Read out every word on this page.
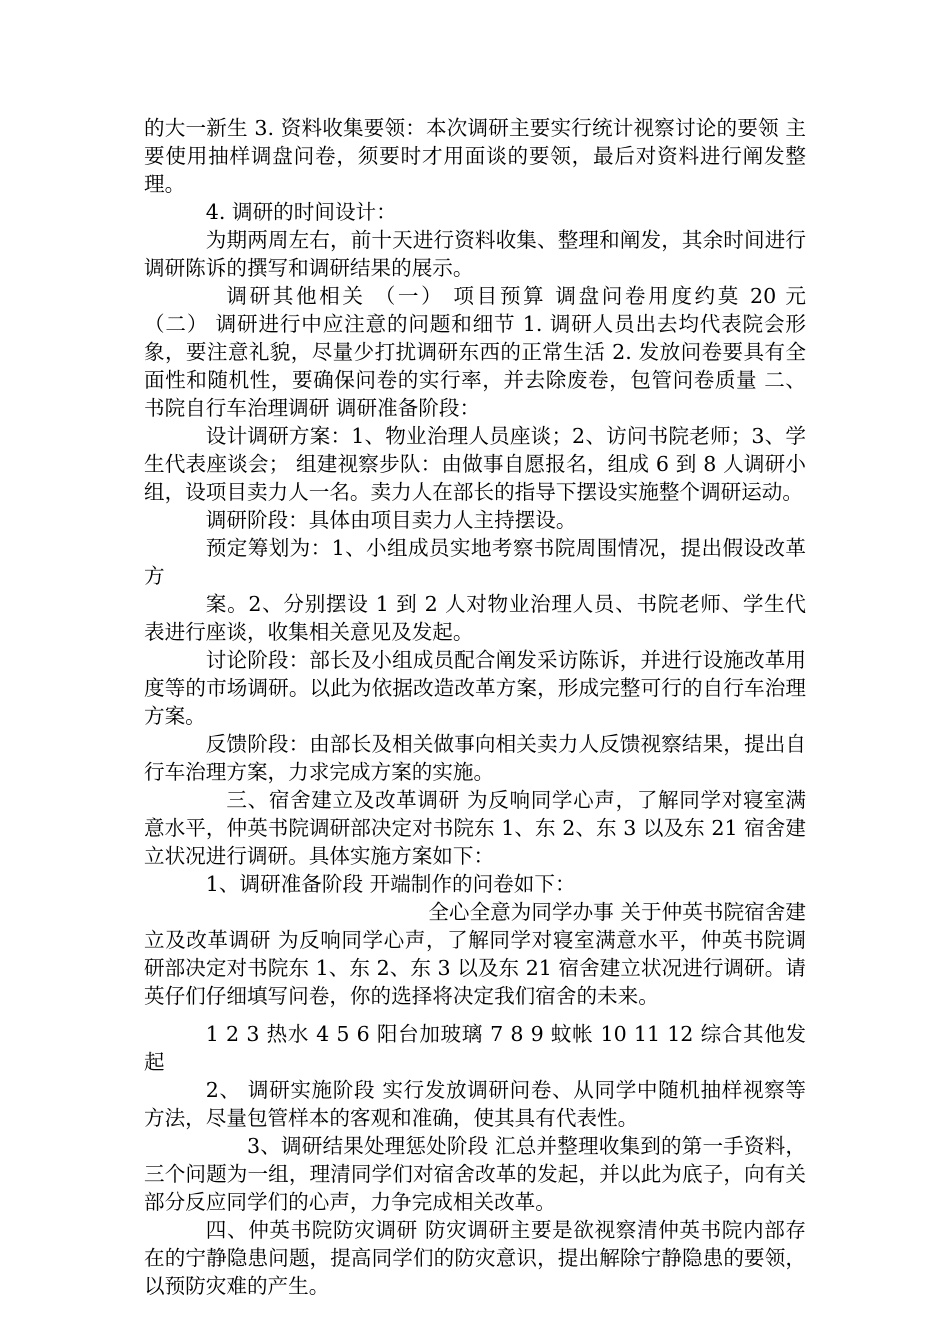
的大一新生 3. 资料收集要领：本次调研主要实行统计视察讨论的要领 主要使用抽样调盘问卷，须要时才用面谈的要领，最后对资料进行阐发整理。

4. 调研的时间设计：

为期两周左右，前十天进行资料收集、整理和阐发，其余时间进行调研陈诉的撰写和调研结果的展示。

调研其他相关 （一） 项目预算 调盘问卷用度约莫 20 元 （二） 调研进行中应注意的问题和细节 1. 调研人员出去均代表院会形象，要注意礼貌，尽量少打扰调研东西的正常生活 2. 发放问卷要具有全面性和随机性，要确保问卷的实行率，并去除废卷，包管问卷质量 二、书院自行车治理调研 调研准备阶段：

设计调研方案：1、物业治理人员座谈；2、访问书院老师；3、学生代表座谈会； 组建视察步队：由做事自愿报名，组成 6 到 8 人调研小组，设项目卖力人一名。卖力人在部长的指导下摆设实施整个调研运动。

调研阶段：具体由项目卖力人主持摆设。

预定筹划为：1、小组成员实地考察书院周围情况，提出假设改革方

案。2、分别摆设 1 到 2 人对物业治理人员、书院老师、学生代表进行座谈，收集相关意见及发起。

讨论阶段：部长及小组成员配合阐发采访陈诉，并进行设施改革用度等的市场调研。以此为依据改造改革方案，形成完整可行的自行车治理方案。

反馈阶段：由部长及相关做事向相关卖力人反馈视察结果，提出自行车治理方案，力求完成方案的实施。

三、宿舍建立及改革调研 为反响同学心声，了解同学对寝室满意水平，仲英书院调研部决定对书院东 1、东 2、东 3 以及东 21 宿舍建立状况进行调研。具体实施方案如下：

1、调研准备阶段 开端制作的问卷如下：

全心全意为同学办事 关于仲英书院宿舍建立及改革调研 为反响同学心声，了解同学对寝室满意水平，仲英书院调研部决定对书院东 1、东 2、东 3 以及东 21 宿舍建立状况进行调研。请英仔们仔细填写问卷，你的选择将决定我们宿舍的未来。

1 2 3 热水 4 5 6 阳台加玻璃 7 8 9 蚊帐 10 11 12 综合其他发起

2、 调研实施阶段 实行发放调研问卷、从同学中随机抽样视察等方法，尽量包管样本的客观和准确，使其具有代表性。

3、调研结果处理惩处阶段 汇总并整理收集到的第一手资料，三个问题为一组，理清同学们对宿舍改革的发起，并以此为底子，向有关部分反应同学们的心声，力争完成相关改革。

四、仲英书院防灾调研 防灾调研主要是欲视察清仲英书院内部存在的宁静隐患问题，提高同学们的防灾意识，提出解除宁静隐患的要领，以预防灾难的产生。
